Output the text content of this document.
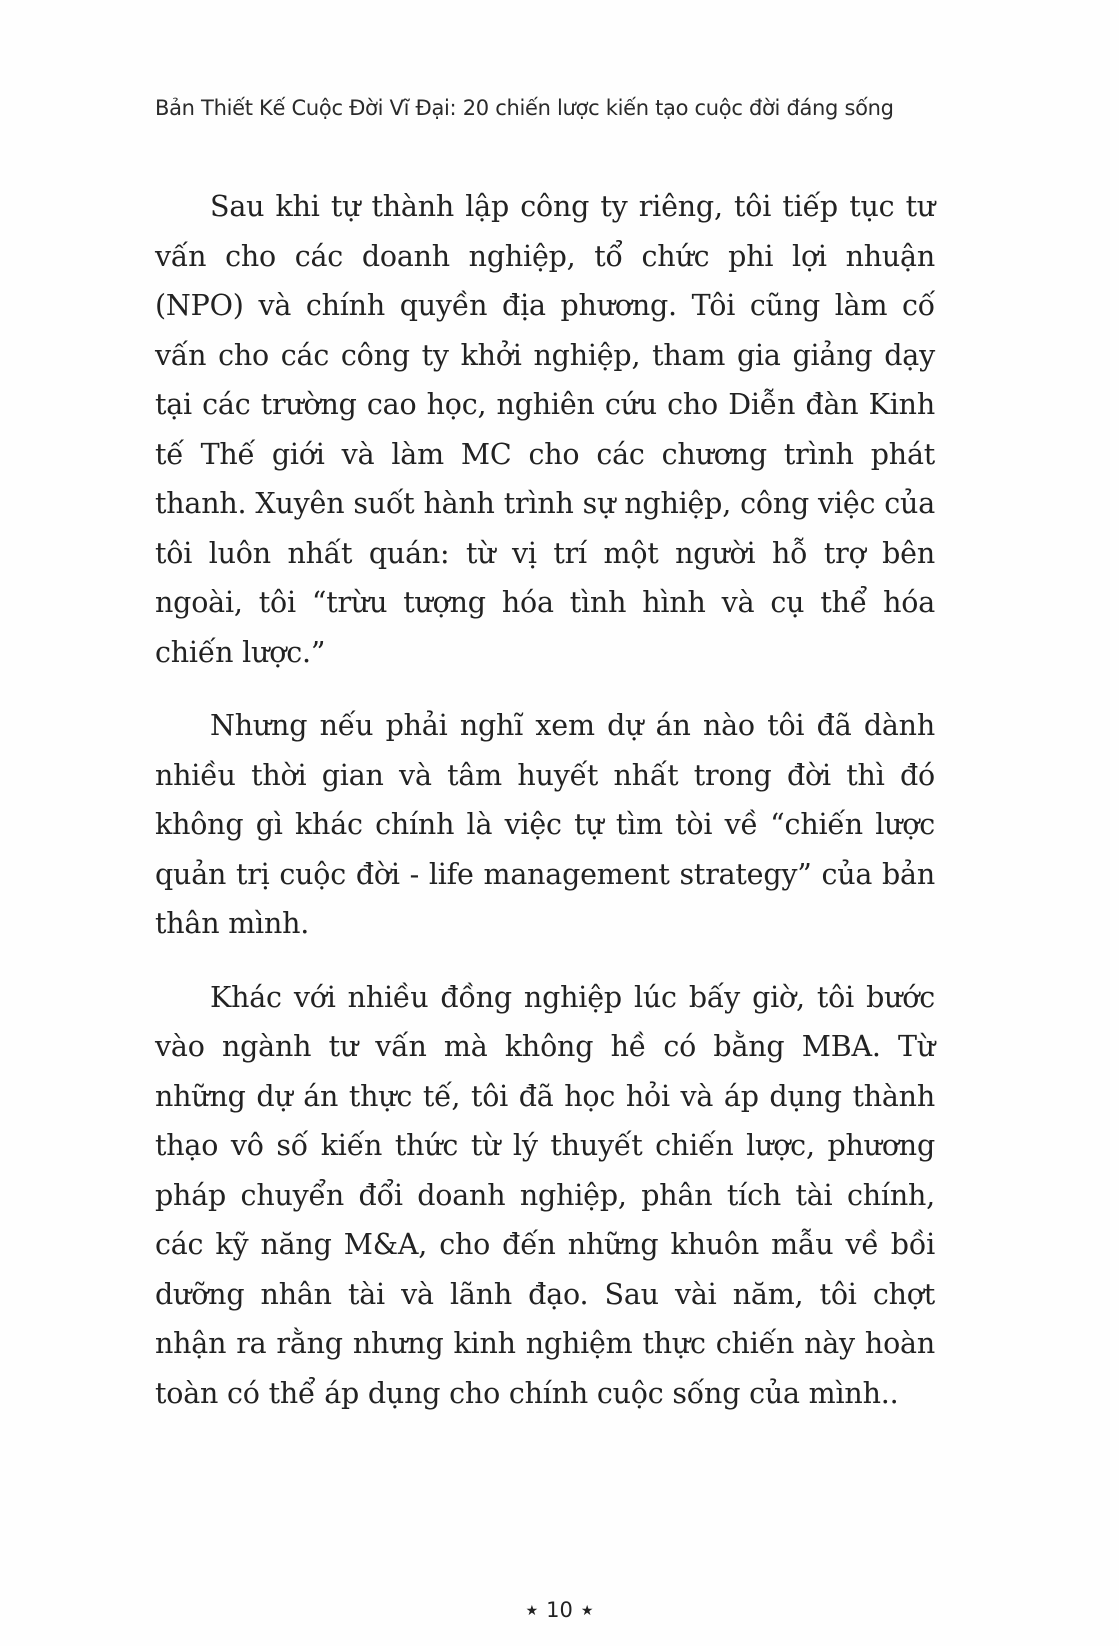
Bản Thiết Kế Cuộc Đời Vĩ Đại: 20 chiến lược kiến tạo cuộc đời đáng sống

Sau khi tự thành lập công ty riêng, tôi tiếp tục tư vấn cho các doanh nghiệp, tổ chức phi lợi nhuận (NPO) và chính quyền địa phương. Tôi cũng làm cố vấn cho các công ty khởi nghiệp, tham gia giảng dạy tại các trường cao học, nghiên cứu cho Diễn đàn Kinh tế Thế giới và làm MC cho các chương trình phát thanh. Xuyên suốt hành trình sự nghiệp, công việc của tôi luôn nhất quán: từ vị trí một người hỗ trợ bên ngoài, tôi “trừu tượng hóa tình hình và cụ thể hóa chiến lược.”

Nhưng nếu phải nghĩ xem dự án nào tôi đã dành nhiều thời gian và tâm huyết nhất trong đời thì đó không gì khác chính là việc tự tìm tòi về “chiến lược quản trị cuộc đời - life management strategy” của bản thân mình.

Khác với nhiều đồng nghiệp lúc bấy giờ, tôi bước vào ngành tư vấn mà không hề có bằng MBA. Từ những dự án thực tế, tôi đã học hỏi và áp dụng thành thạo vô số kiến thức từ lý thuyết chiến lược, phương pháp chuyển đổi doanh nghiệp, phân tích tài chính, các kỹ năng M&A, cho đến những khuôn mẫu về bồi dưỡng nhân tài và lãnh đạo. Sau vài năm, tôi chợt nhận ra rằng nhưng kinh nghiệm thực chiến này hoàn toàn có thể áp dụng cho chính cuộc sống của mình..

★ 10 ★
